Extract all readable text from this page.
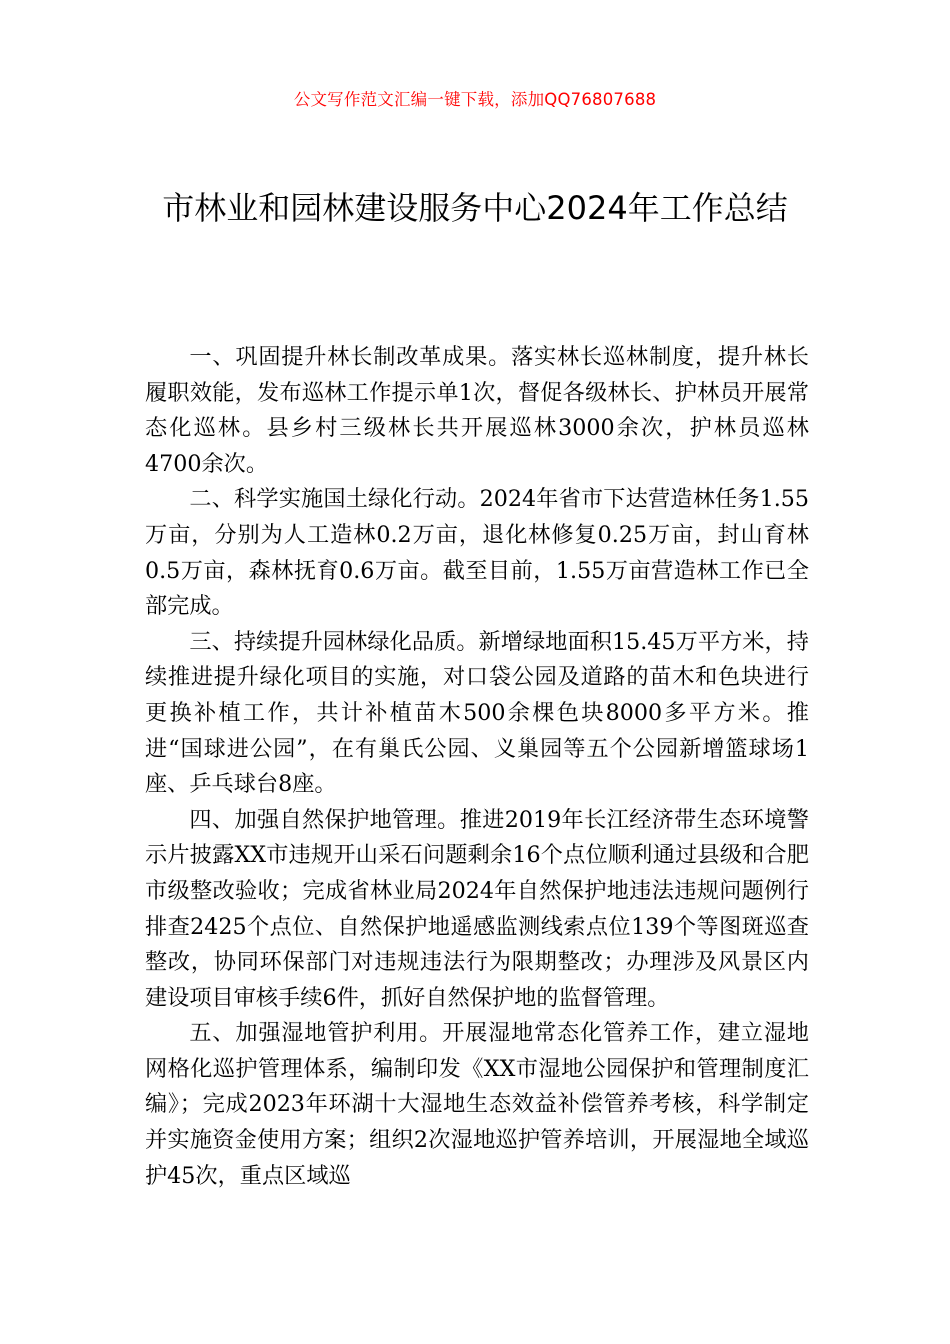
公文写作范文汇编一键下载，添加QQ76807688
市林业和园林建设服务中心2024年工作总结

一、巩固提升林长制改革成果。落实林长巡林制度，提升林长履职效能，发布巡林工作提示单1次，督促各级林长、护林员开展常态化巡林。县乡村三级林长共开展巡林3000余次，护林员巡林4700余次。

二、科学实施国土绿化行动。2024年省市下达营造林任务1.55万亩，分别为人工造林0.2万亩，退化林修复0.25万亩，封山育林0.5万亩，森林抚育0.6万亩。截至目前，1.55万亩营造林工作已全部完成。

三、持续提升园林绿化品质。新增绿地面积15.45万平方米，持续推进提升绿化项目的实施，对口袋公园及道路的苗木和色块进行更换补植工作，共计补植苗木500余棵色块8000多平方米。推进“国球进公园”，在有巢氏公园、义巢园等五个公园新增篮球场1座、乒乓球台8座。

四、加强自然保护地管理。推进2019年长江经济带生态环境警示片披露XX市违规开山采石问题剩余16个点位顺利通过县级和合肥市级整改验收；完成省林业局2024年自然保护地违法违规问题例行排查2425个点位、自然保护地遥感监测线索点位139个等图斑巡查整改，协同环保部门对违规违法行为限期整改；办理涉及风景区内建设项目审核手续6件，抓好自然保护地的监督管理。

五、加强湿地管护利用。开展湿地常态化管养工作，建立湿地网格化巡护管理体系，编制印发《XX市湿地公园保护和管理制度汇编》；完成2023年环湖十大湿地生态效益补偿管养考核，科学制定并实施资金使用方案；组织2次湿地巡护管养培训，开展湿地全域巡护45次，重点区域巡
